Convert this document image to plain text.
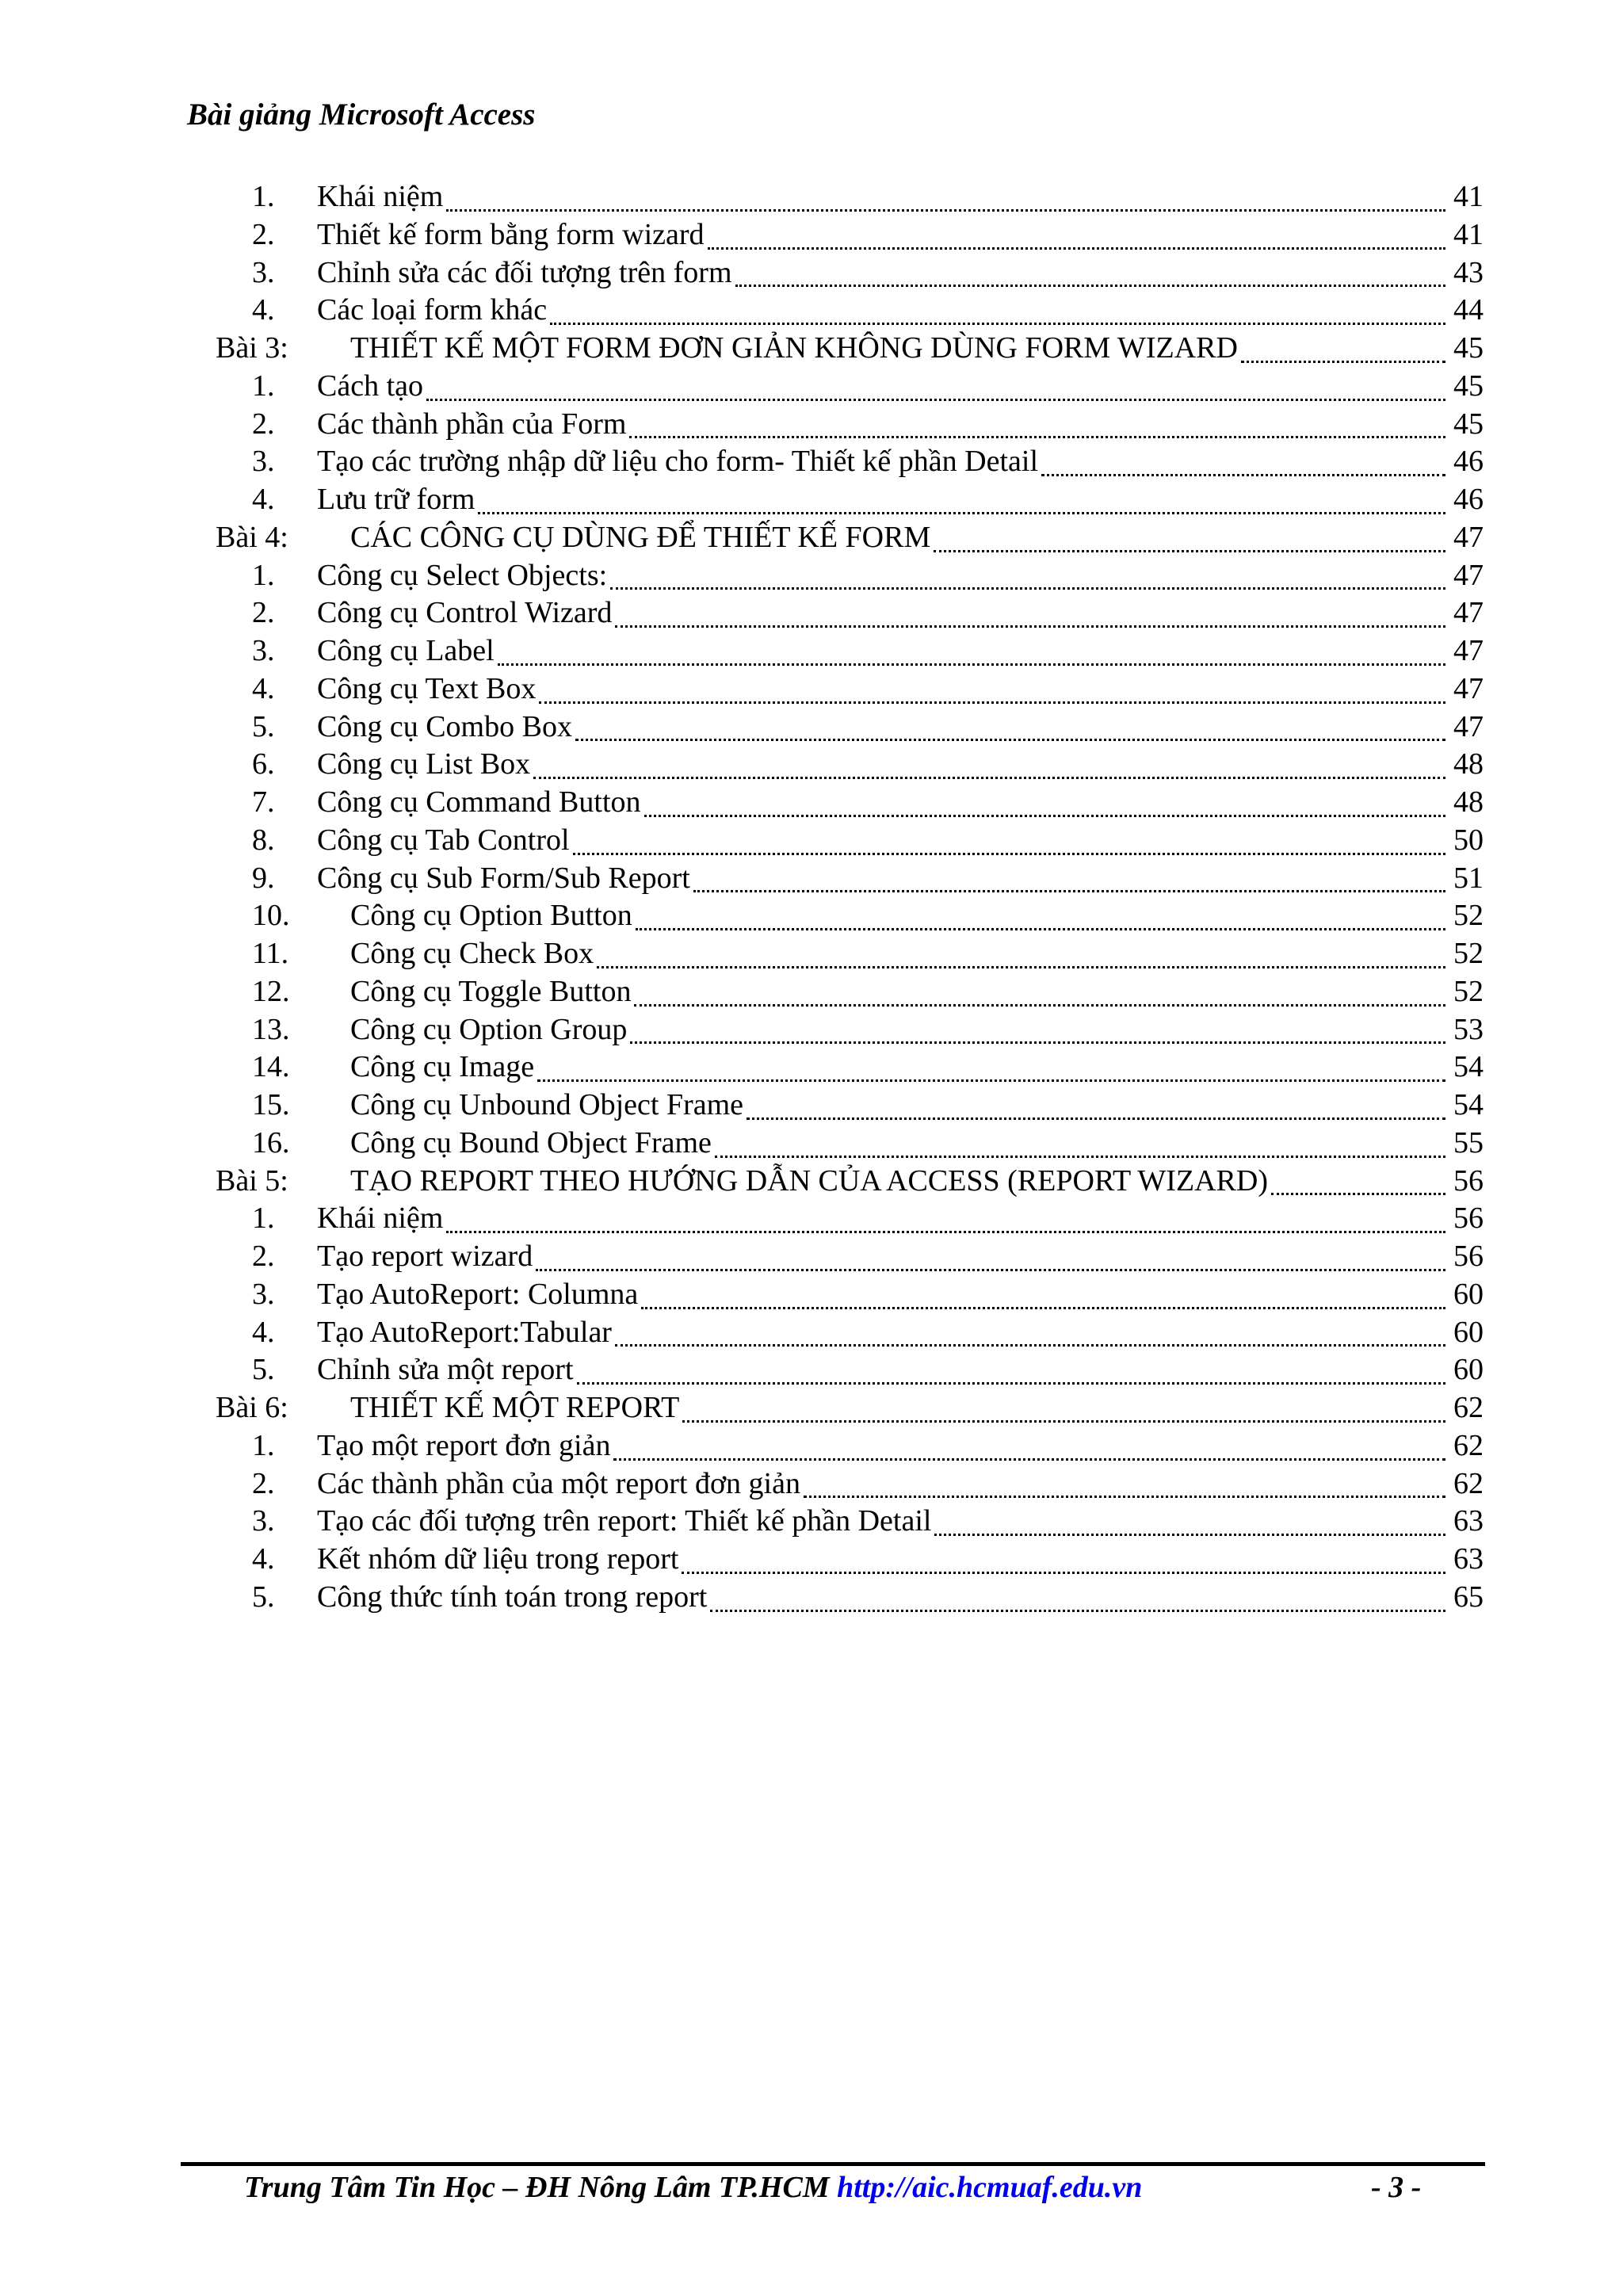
Bài giảng Microsoft Access
1. Khái niệm	41
2. Thiết kế form bằng form wizard	41
3. Chỉnh sửa các đối tượng trên form	43
4. Các loại form khác	44
Bài 3:	THIẾT KẾ MỘT FORM ĐƠN GIẢN KHÔNG DÙNG FORM WIZARD	45
1. Cách tạo	45
2. Các thành phần của Form	45
3. Tạo các trường nhập dữ liệu cho form- Thiết kế phần Detail	46
4. Lưu trữ form	46
Bài 4:	CÁC CÔNG CỤ DÙNG ĐỂ THIẾT KẾ FORM	47
1. Công cụ Select Objects:	47
2. Công cụ Control Wizard	47
3. Công cụ Label	47
4. Công cụ Text Box	47
5. Công cụ Combo Box	47
6. Công cụ List Box	48
7. Công cụ Command Button	48
8. Công cụ Tab Control	50
9. Công cụ Sub Form/Sub Report	51
10.	Công cụ Option Button	52
11.	Công cụ Check Box	52
12.	Công cụ Toggle Button	52
13.	Công cụ Option Group	53
14.	Công cụ Image	54
15.	Công cụ Unbound Object Frame	54
16.	Công cụ Bound Object Frame	55
Bài 5:	TẠO REPORT THEO HƯỚNG DẪN CỦA ACCESS (REPORT WIZARD)	56
1. Khái niệm	56
2. Tạo report wizard	56
3. Tạo AutoReport: Columna	60
4. Tạo AutoReport:Tabular	60
5. Chỉnh sửa một report	60
Bài 6:	THIẾT KẾ MỘT REPORT	62
1. Tạo một report đơn giản	62
2. Các thành phần của một report đơn giản	62
3. Tạo các đối tượng trên report: Thiết kế phần Detail	63
4. Kết nhóm dữ liệu trong report	63
5. Công thức tính toán trong report	65
Trung Tâm Tin Học – ĐH Nông Lâm TP.HCM http://aic.hcmuaf.edu.vn	- 3 -
